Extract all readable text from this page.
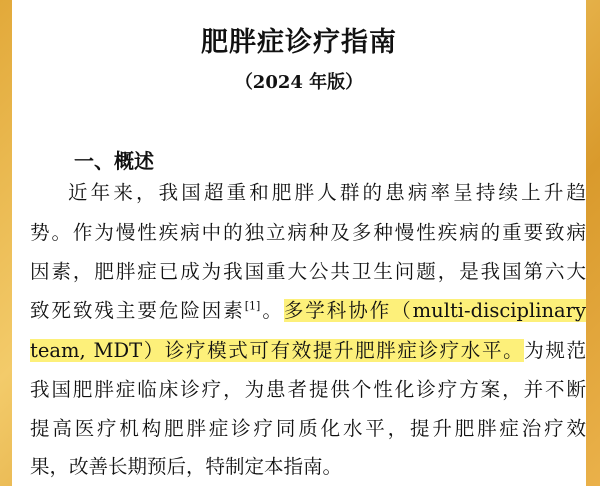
肥胖症诊疗指南
（2024 年版）
一、概述
近年来，我国超重和肥胖人群的患病率呈持续上升趋
势。作为慢性疾病中的独立病种及多种慢性疾病的重要致病
因素，肥胖症已成为我国重大公共卫生问题，是我国第六大
致死致残主要危险因素[1]。多学科协作（multi-disciplinary
team, MDT）诊疗模式可有效提升肥胖症诊疗水平。为规范
我国肥胖症临床诊疗，为患者提供个性化诊疗方案，并不断
提高医疗机构肥胖症诊疗同质化水平，提升肥胖症治疗效
果，改善长期预后，特制定本指南。
